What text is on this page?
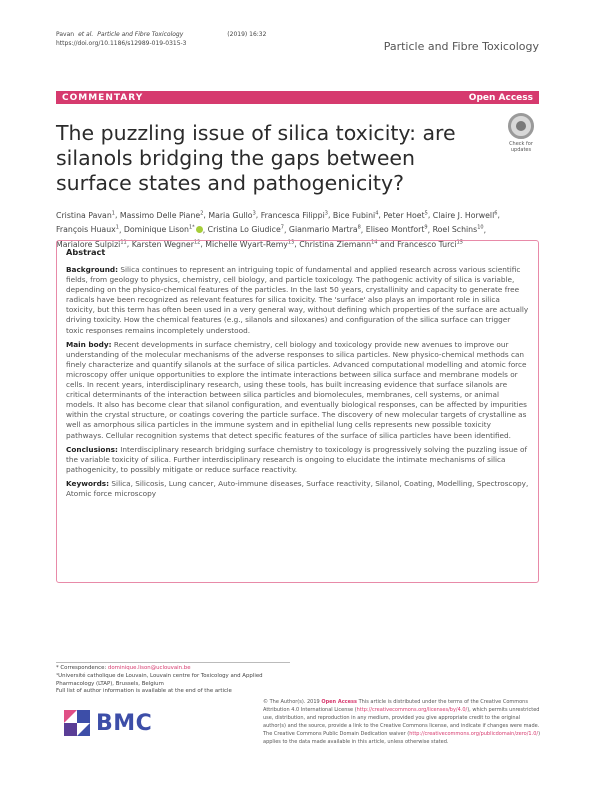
Pavan et al. Particle and Fibre Toxicology	(2019) 16:32
https://doi.org/10.1186/s12989-019-0315-3	Particle and Fibre Toxicology
COMMENTARY	Open Access
The puzzling issue of silica toxicity: are silanols bridging the gaps between surface states and pathogenicity?
Check for updates
Cristina Pavan$^1$, Massimo Delle Piane$^2$, Maria Gullo$^3$, Francesca Filippi$^3$, Bice Fubini$^4$, Peter Hoet$^5$, Claire J. Horwell$^6$, François Huaux$^1$, Dominique Lison$^{1*}$ , Cristina Lo Giudice$^7$, Gianmario Martra$^8$, Eliseo Montfort$^9$, Roel Schins$^{10}$, Marialore Sulpizi$^{11}$, Karsten Wegner$^{12}$, Michelle Wyart-Remy$^{13}$, Christina Ziemann$^{14}$ and Francesco Turci$^{15}$
Abstract

Background: Silica continues to represent an intriguing topic of fundamental and applied research across various scientific fields, from geology to physics, chemistry, cell biology, and particle toxicology. The pathogenic activity of silica is variable, depending on the physico-chemical features of the particles. In the last 50 years, crystallinity and capacity to generate free radicals have been recognized as relevant features for silica toxicity. The 'surface' also plays an important role in silica toxicity, but this term has often been used in a very general way, without defining which properties of the surface are actually driving toxicity. How the chemical features (e.g., silanols and siloxanes) and configuration of the silica surface can trigger toxic responses remains incompletely understood.

Main body: Recent developments in surface chemistry, cell biology and toxicology provide new avenues to improve our understanding of the molecular mechanisms of the adverse responses to silica particles. New physico-chemical methods can finely characterize and quantify silanols at the surface of silica particles. Advanced computational modelling and atomic force microscopy offer unique opportunities to explore the intimate interactions between silica surface and membrane models or cells. In recent years, interdisciplinary research, using these tools, has built increasing evidence that surface silanols are critical determinants of the interaction between silica particles and biomolecules, membranes, cell systems, or animal models. It also has become clear that silanol configuration, and eventually biological responses, can be affected by impurities within the crystal structure, or coatings covering the particle surface. The discovery of new molecular targets of crystalline as well as amorphous silica particles in the immune system and in epithelial lung cells represents new possible toxicity pathways. Cellular recognition systems that detect specific features of the surface of silica particles have been identified.

Conclusions: Interdisciplinary research bridging surface chemistry to toxicology is progressively solving the puzzling issue of the variable toxicity of silica. Further interdisciplinary research is ongoing to elucidate the intimate mechanisms of silica pathogenicity, to possibly mitigate or reduce surface reactivity.

Keywords: Silica, Silicosis, Lung cancer, Auto-immune diseases, Surface reactivity, Silanol, Coating, Modelling, Spectroscopy, Atomic force microscopy

* Correspondence: dominique.lison@uclouvain.be
¹Université catholique de Louvain, Louvain centre for Toxicology and Applied Pharmacology (LTAP), Brussels, Belgium
Full list of author information is available at the end of the article
BMC
© The Author(s). 2019 Open Access This article is distributed under the terms of the Creative Commons Attribution 4.0 International License (http://creativecommons.org/licenses/by/4.0/), which permits unrestricted use, distribution, and reproduction in any medium, provided you give appropriate credit to the original author(s) and the source, provide a link to the Creative Commons license, and indicate if changes were made. The Creative Commons Public Domain Dedication waiver (http://creativecommons.org/publicdomain/zero/1.0/) applies to the data made available in this article, unless otherwise stated.
